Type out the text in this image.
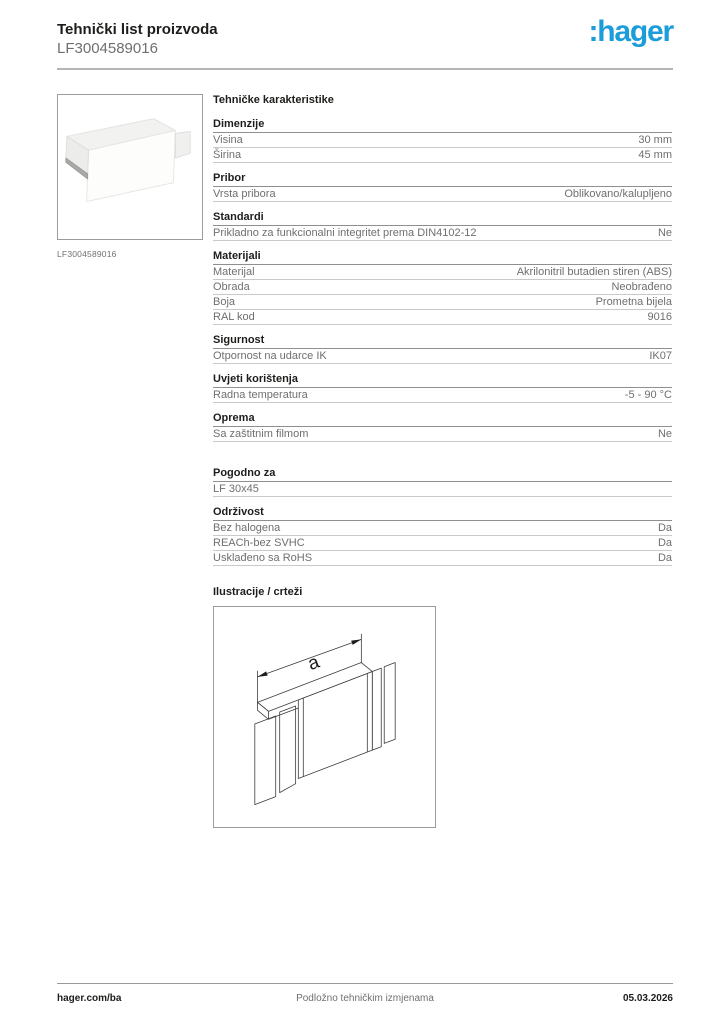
Tehnički list proizvoda
LF3004589016
:hager
LF3004589016
Tehničke karakteristike
Dimenzije
Visina	30 mm
Širina	45 mm
Pribor
Vrsta pribora	Oblikovano/kalupljeno
Standardi
Prikladno za funkcionalni integritet prema DIN4102-12	Ne
Materijali
Materijal	Akrilonitril butadien stiren (ABS)
Obrada	Neobrađeno
Boja	Prometna bijela
RAL kod	9016
Sigurnost
Otpornost na udarce IK	IK07
Uvjeti korištenja
Radna temperatura	-5 - 90 °C
Oprema
Sa zaštitnim filmom	Ne
Pogodno za
LF 30x45
Održivost
Bez halogena	Da
REACh-bez SVHC	Da
Usklađeno sa RoHS	Da
Ilustracije / crteži
a
hager.com/ba	Podložno tehničkim izmjenama	05.03.2026
